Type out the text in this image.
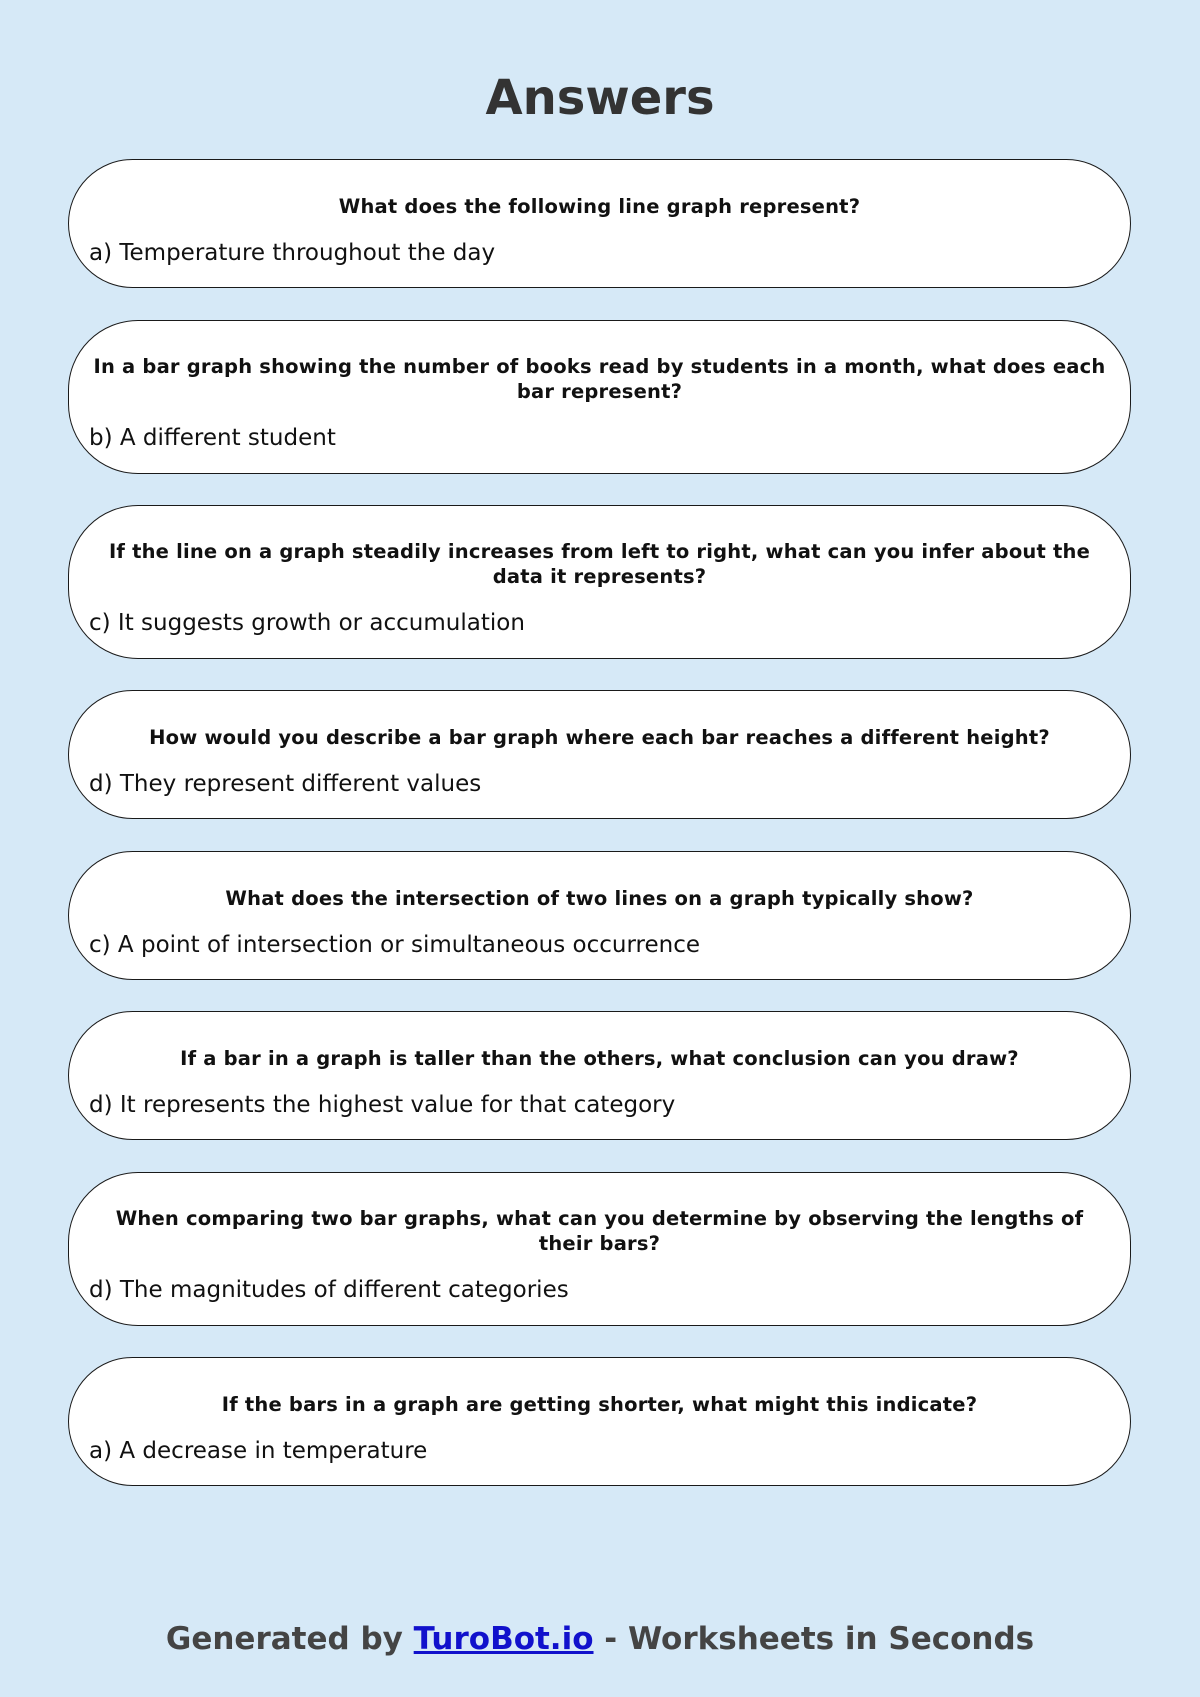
Answers

What does the following line graph represent?

a) Temperature throughout the day

In a bar graph showing the number of books read by students in a month, what does each bar represent?

b) A different student

If the line on a graph steadily increases from left to right, what can you infer about the data it represents?

c) It suggests growth or accumulation

How would you describe a bar graph where each bar reaches a different height?

d) They represent different values

What does the intersection of two lines on a graph typically show?

c) A point of intersection or simultaneous occurrence

If a bar in a graph is taller than the others, what conclusion can you draw?

d) It represents the highest value for that category

When comparing two bar graphs, what can you determine by observing the lengths of their bars?

d) The magnitudes of different categories

If the bars in a graph are getting shorter, what might this indicate?

a) A decrease in temperature

Generated by TuroBot.io - Worksheets in Seconds
